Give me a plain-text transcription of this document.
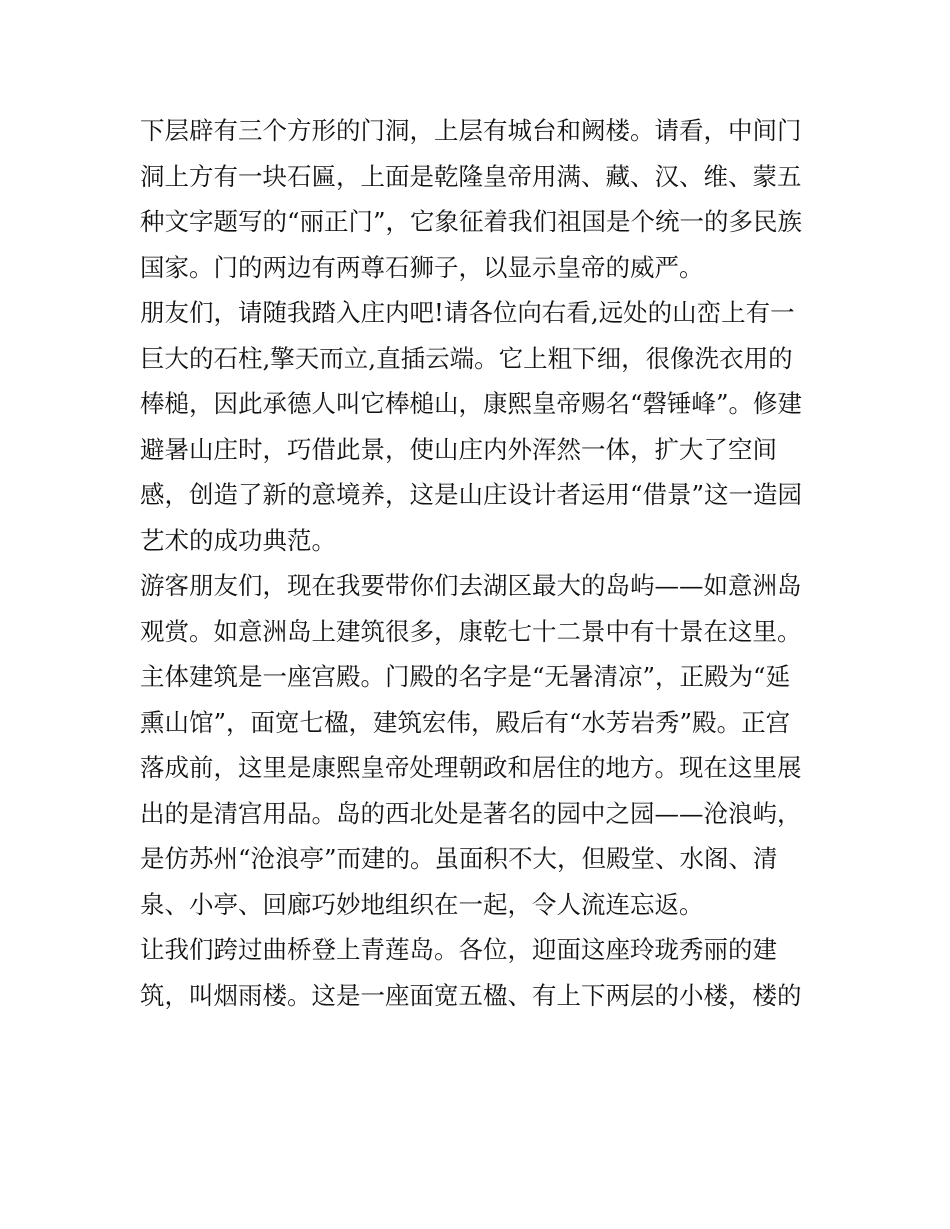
下层辟有三个方形的门洞，上层有城台和阙楼。请看，中间门
洞上方有一块石匾，上面是乾隆皇帝用满、藏、汉、维、蒙五
种文字题写的“丽正门”，它象征着我们祖国是个统一的多民族
国家。门的两边有两尊石狮子，以显示皇帝的威严。
朋友们，请随我踏入庄内吧!请各位向右看,远处的山峦上有一
巨大的石柱,擎天而立,直插云端。它上粗下细，很像洗衣用的
棒槌，因此承德人叫它棒槌山，康熙皇帝赐名“磬锤峰”。修建
避暑山庄时，巧借此景，使山庄内外浑然一体，扩大了空间
感，创造了新的意境养，这是山庄设计者运用“借景”这一造园
艺术的成功典范。
游客朋友们，现在我要带你们去湖区最大的岛屿——如意洲岛
观赏。如意洲岛上建筑很多，康乾七十二景中有十景在这里。
主体建筑是一座宫殿。门殿的名字是“无暑清凉”，正殿为“延
熏山馆”，面宽七楹，建筑宏伟，殿后有“水芳岩秀”殿。正宫
落成前，这里是康熙皇帝处理朝政和居住的地方。现在这里展
出的是清宫用品。岛的西北处是著名的园中之园——沧浪屿，
是仿苏州“沧浪亭”而建的。虽面积不大，但殿堂、水阁、清
泉、小亭、回廊巧妙地组织在一起，令人流连忘返。
让我们跨过曲桥登上青莲岛。各位，迎面这座玲珑秀丽的建
筑，叫烟雨楼。这是一座面宽五楹、有上下两层的小楼，楼的
